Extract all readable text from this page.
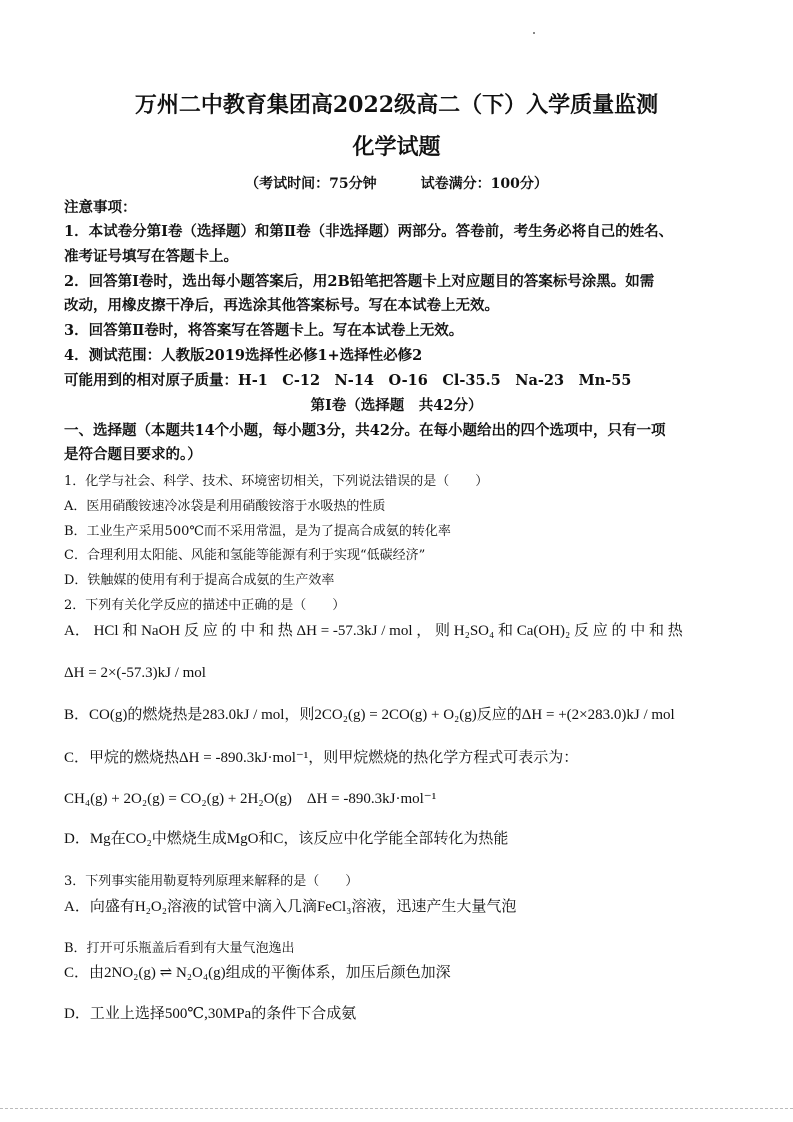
万州二中教育集团高2022级高二（下）入学质量监测
化学试题
（考试时间：75分钟	试卷满分：100分）
注意事项：
1．本试卷分第Ⅰ卷（选择题）和第Ⅱ卷（非选择题）两部分。答卷前，考生务必将自己的姓名、
准考证号填写在答题卡上。
2．回答第Ⅰ卷时，选出每小题答案后，用2B铅笔把答题卡上对应题目的答案标号涂黑。如需
改动，用橡皮擦干净后，再选涂其他答案标号。写在本试卷上无效。
3．回答第Ⅱ卷时，将答案写在答题卡上。写在本试卷上无效。
4．测试范围：人教版2019选择性必修1+选择性必修2
可能用到的相对原子质量：H-1　C-12　N-14　O-16　Cl-35.5　Na-23　Mn-55
第Ⅰ卷（选择题　共42分）
一、选择题（本题共14个小题，每小题3分，共42分。在每小题给出的四个选项中，只有一项
是符合题目要求的。）
1．化学与社会、科学、技术、环境密切相关，下列说法错误的是（　　）
A．医用硝酸铵速冷冰袋是利用硝酸铵溶于水吸热的性质
B．工业生产采用500℃而不采用常温，是为了提高合成氨的转化率
C．合理利用太阳能、风能和氢能等能源有利于实现“低碳经济”
D．铁触媒的使用有利于提高合成氨的生产效率
2．下列有关化学反应的描述中正确的是（　　）
A． HCl 和 NaOH 反 应 的 中 和 热 ΔH = -57.3kJ / mol ， 则 H₂SO₄ 和 Ca(OH)₂ 反 应 的 中 和 热
ΔH = 2×(-57.3)kJ / mol
B．CO(g)的燃烧热是283.0kJ / mol，则2CO₂(g) = 2CO(g) + O₂(g)反应的ΔH = +(2×283.0)kJ / mol
C．甲烷的燃烧热ΔH = -890.3kJ·mol⁻¹，则甲烷燃烧的热化学方程式可表示为：
CH₄(g) + 2O₂(g) = CO₂(g) + 2H₂O(g)　ΔH = -890.3kJ·mol⁻¹
D．Mg在CO₂中燃烧生成MgO和C，该反应中化学能全部转化为热能
3．下列事实能用勒夏特列原理来解释的是（　　）
A．向盛有H₂O₂溶液的试管中滴入几滴FeCl₃溶液，迅速产生大量气泡
B．打开可乐瓶盖后看到有大量气泡逸出
C．由2NO₂(g) ⇌ N₂O₄(g)组成的平衡体系，加压后颜色加深
D．工业上选择500℃,30MPa的条件下合成氨
